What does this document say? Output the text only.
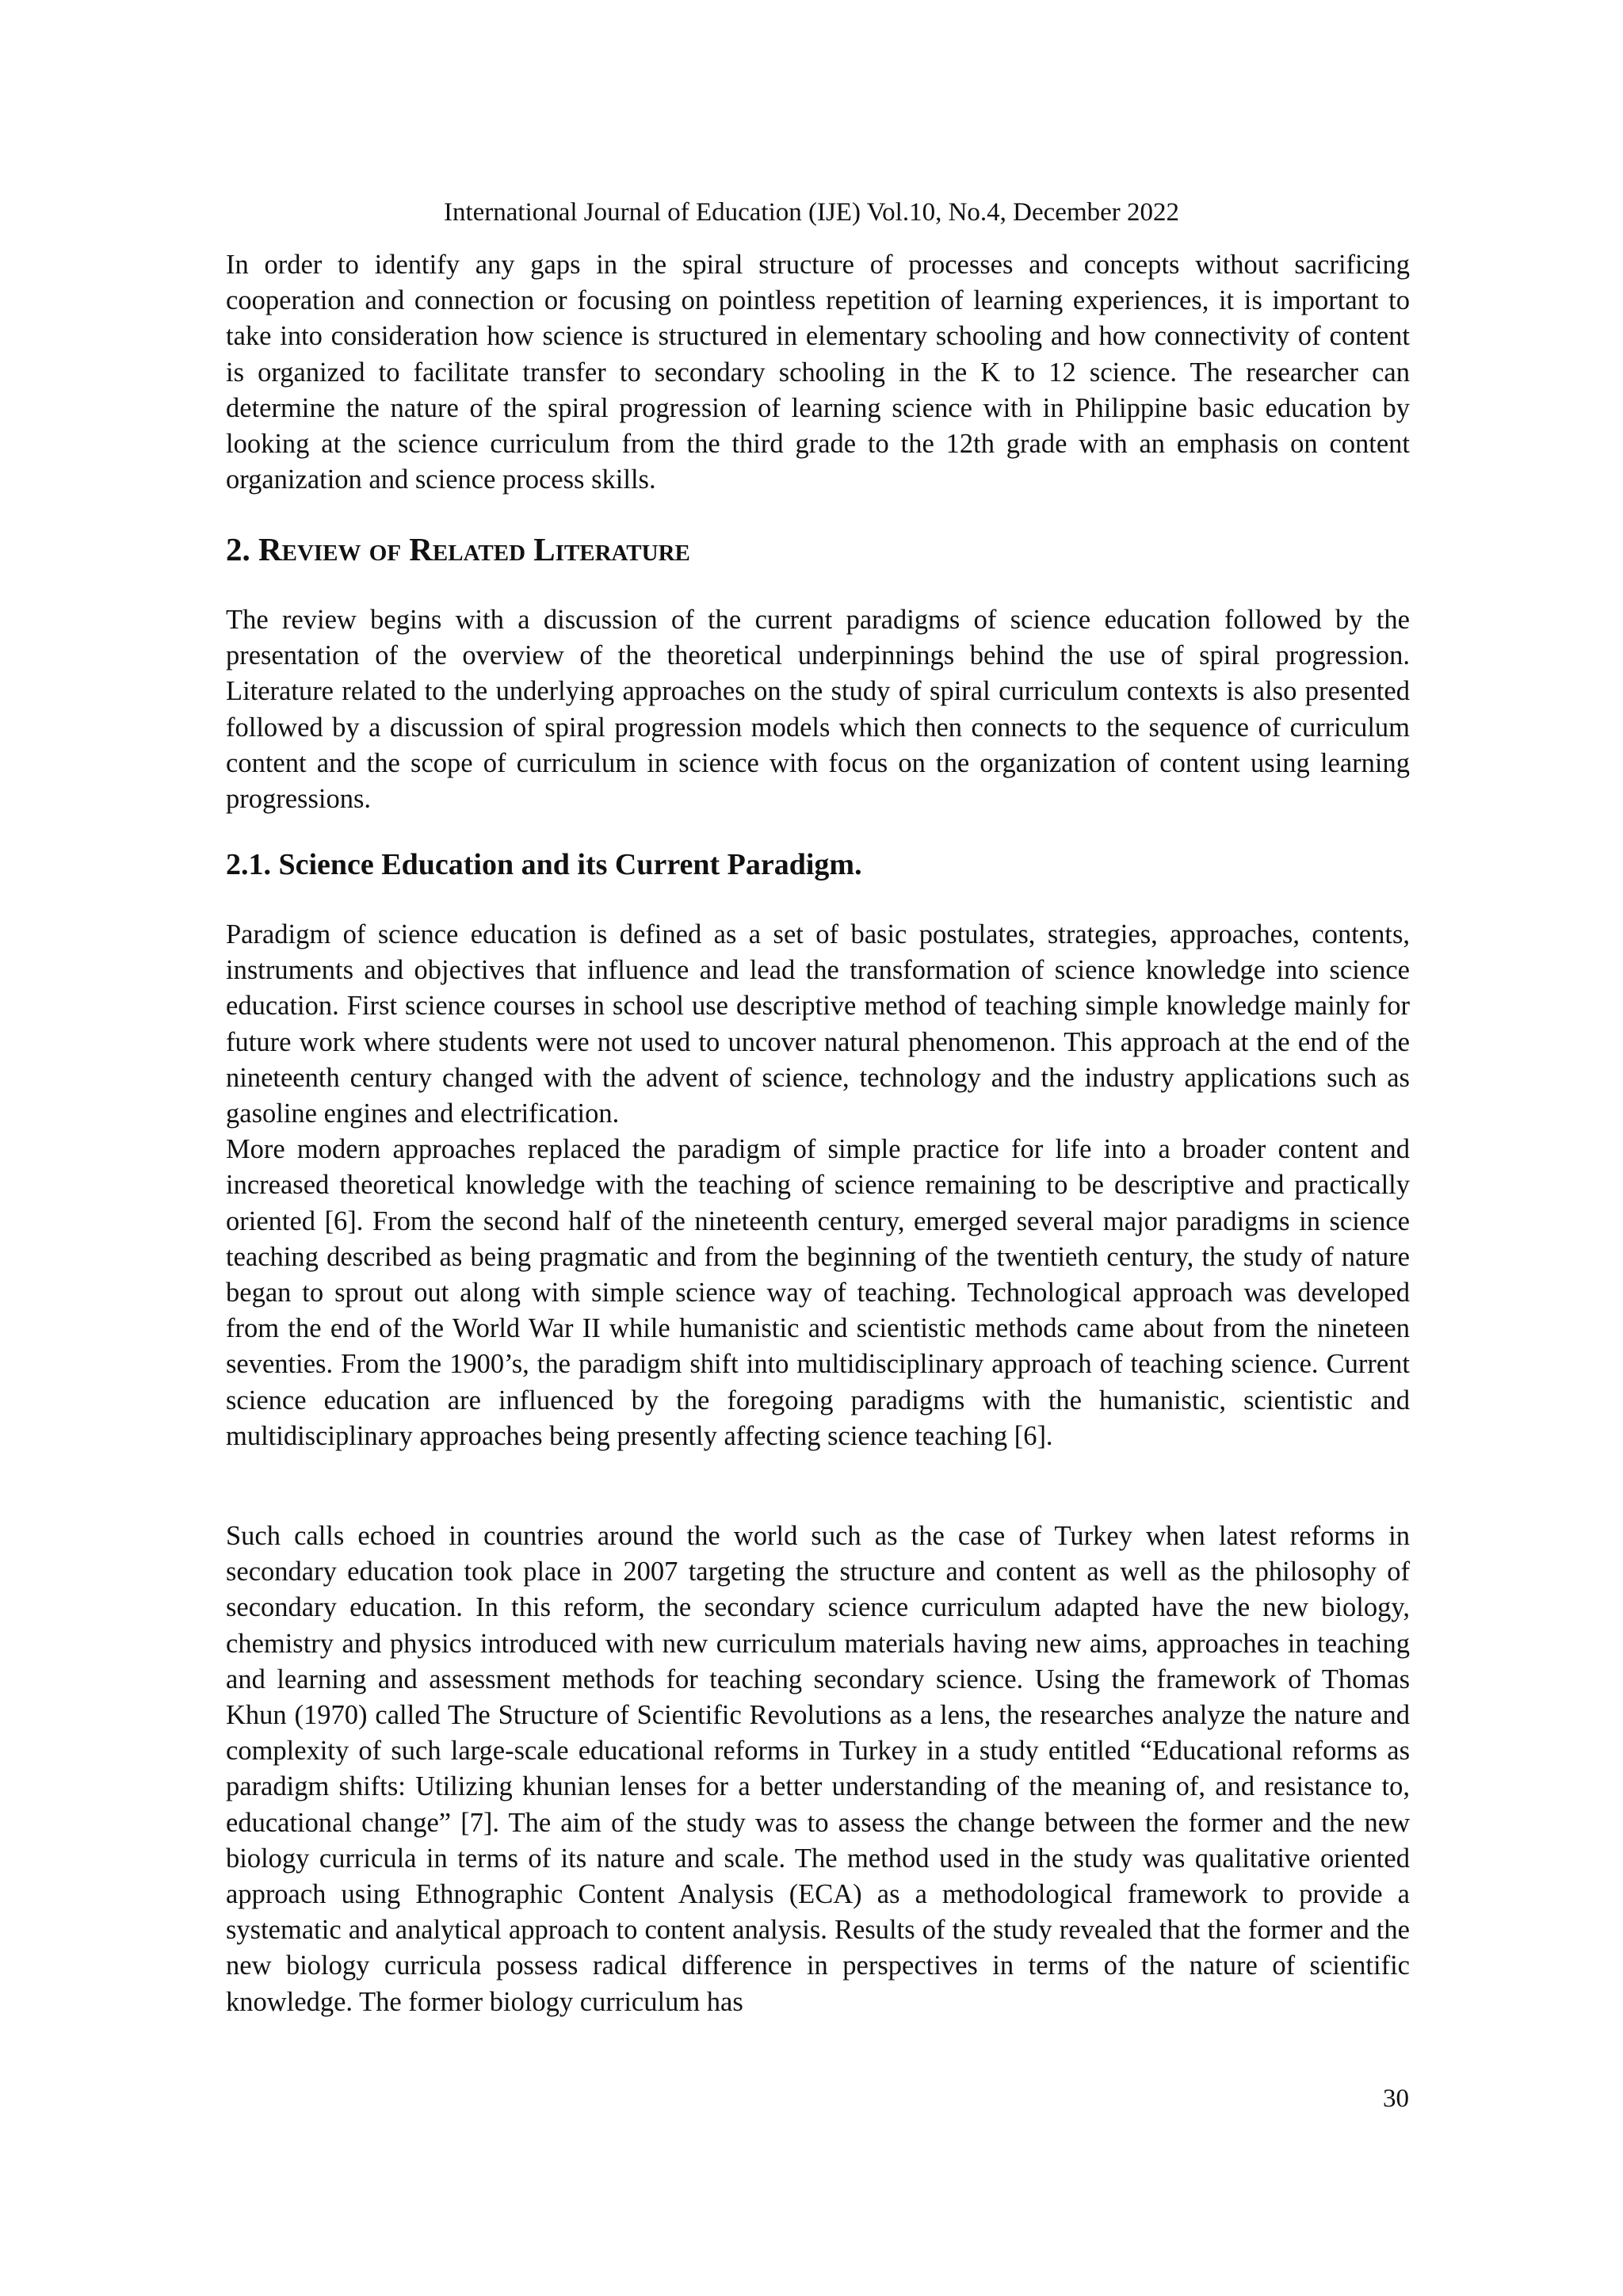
International Journal of Education (IJE) Vol.10, No.4, December 2022

In order to identify any gaps in the spiral structure of processes and concepts without sacrificing cooperation and connection or focusing on pointless repetition of learning experiences, it is important to take into consideration how science is structured in elementary schooling and how connectivity of content is organized to facilitate transfer to secondary schooling in the K to 12 science. The researcher can determine the nature of the spiral progression of learning science with in Philippine basic education by looking at the science curriculum from the third grade to the 12th grade with an emphasis on content organization and science process skills.

2. Review of Related Literature

The review begins with a discussion of the current paradigms of science education followed by the presentation of the overview of the theoretical underpinnings behind the use of spiral progression. Literature related to the underlying approaches on the study of spiral curriculum contexts is also presented followed by a discussion of spiral progression models which then connects to the sequence of curriculum content and the scope of curriculum in science with focus on the organization of content using learning progressions.

2.1. Science Education and its Current Paradigm.

Paradigm of science education is defined as a set of basic postulates, strategies, approaches, contents, instruments and objectives that influence and lead the transformation of science knowledge into science education. First science courses in school use descriptive method of teaching simple knowledge mainly for future work where students were not used to uncover natural phenomenon. This approach at the end of the nineteenth century changed with the advent of science, technology and the industry applications such as gasoline engines and electrification.

More modern approaches replaced the paradigm of simple practice for life into a broader content and increased theoretical knowledge with the teaching of science remaining to be descriptive and practically oriented [6]. From the second half of the nineteenth century, emerged several major paradigms in science teaching described as being pragmatic and from the beginning of the twentieth century, the study of nature began to sprout out along with simple science way of teaching. Technological approach was developed from the end of the World War II while humanistic and scientistic methods came about from the nineteen seventies. From the 1900’s, the paradigm shift into multidisciplinary approach of teaching science. Current science education are influenced by the foregoing paradigms with the humanistic, scientistic and multidisciplinary approaches being presently affecting science teaching [6].

Such calls echoed in countries around the world such as the case of Turkey when latest reforms in secondary education took place in 2007 targeting the structure and content as well as the philosophy of secondary education. In this reform, the secondary science curriculum adapted have the new biology, chemistry and physics introduced with new curriculum materials having new aims, approaches in teaching and learning and assessment methods for teaching secondary science. Using the framework of Thomas Khun (1970) called The Structure of Scientific Revolutions as a lens, the researches analyze the nature and complexity of such large-scale educational reforms in Turkey in a study entitled “Educational reforms as paradigm shifts: Utilizing khunian lenses for a better understanding of the meaning of, and resistance to, educational change” [7]. The aim of the study was to assess the change between the former and the new biology curricula in terms of its nature and scale. The method used in the study was qualitative oriented approach using Ethnographic Content Analysis (ECA) as a methodological framework to provide a systematic and analytical approach to content analysis. Results of the study revealed that the former and the new biology curricula possess radical difference in perspectives in terms of the nature of scientific knowledge. The former biology curriculum has

30
